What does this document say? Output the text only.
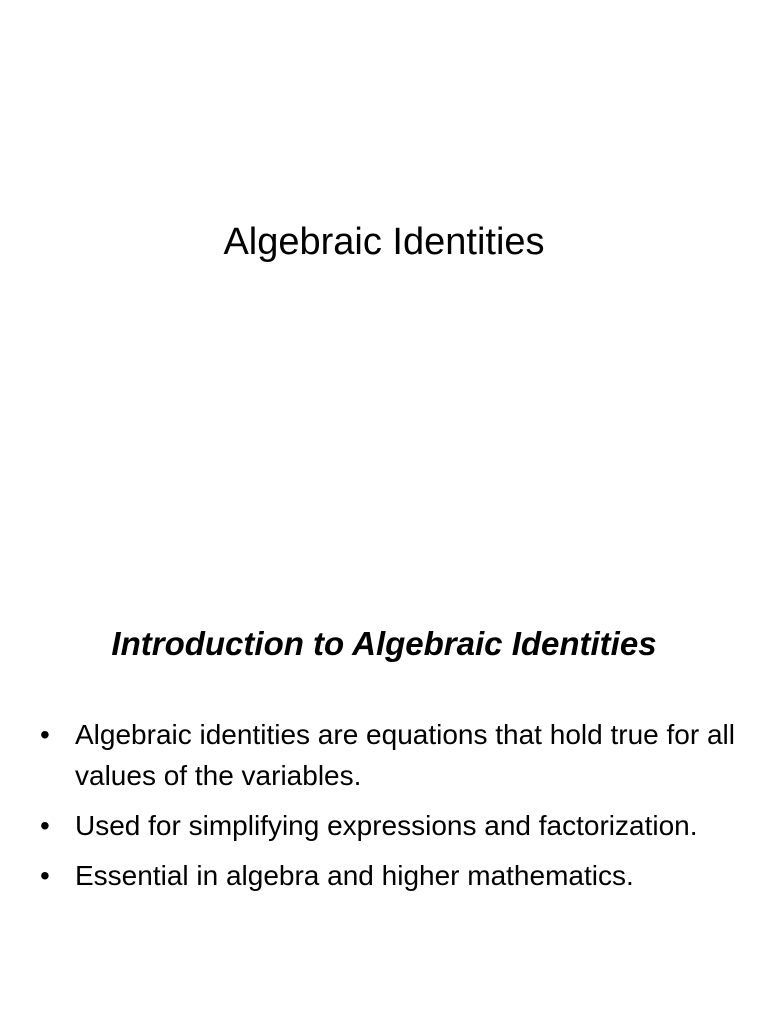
Algebraic Identities
Introduction to Algebraic Identities
• Algebraic identities are equations that hold true for all values of the variables.
• Used for simplifying expressions and factorization.
• Essential in algebra and higher mathematics.
